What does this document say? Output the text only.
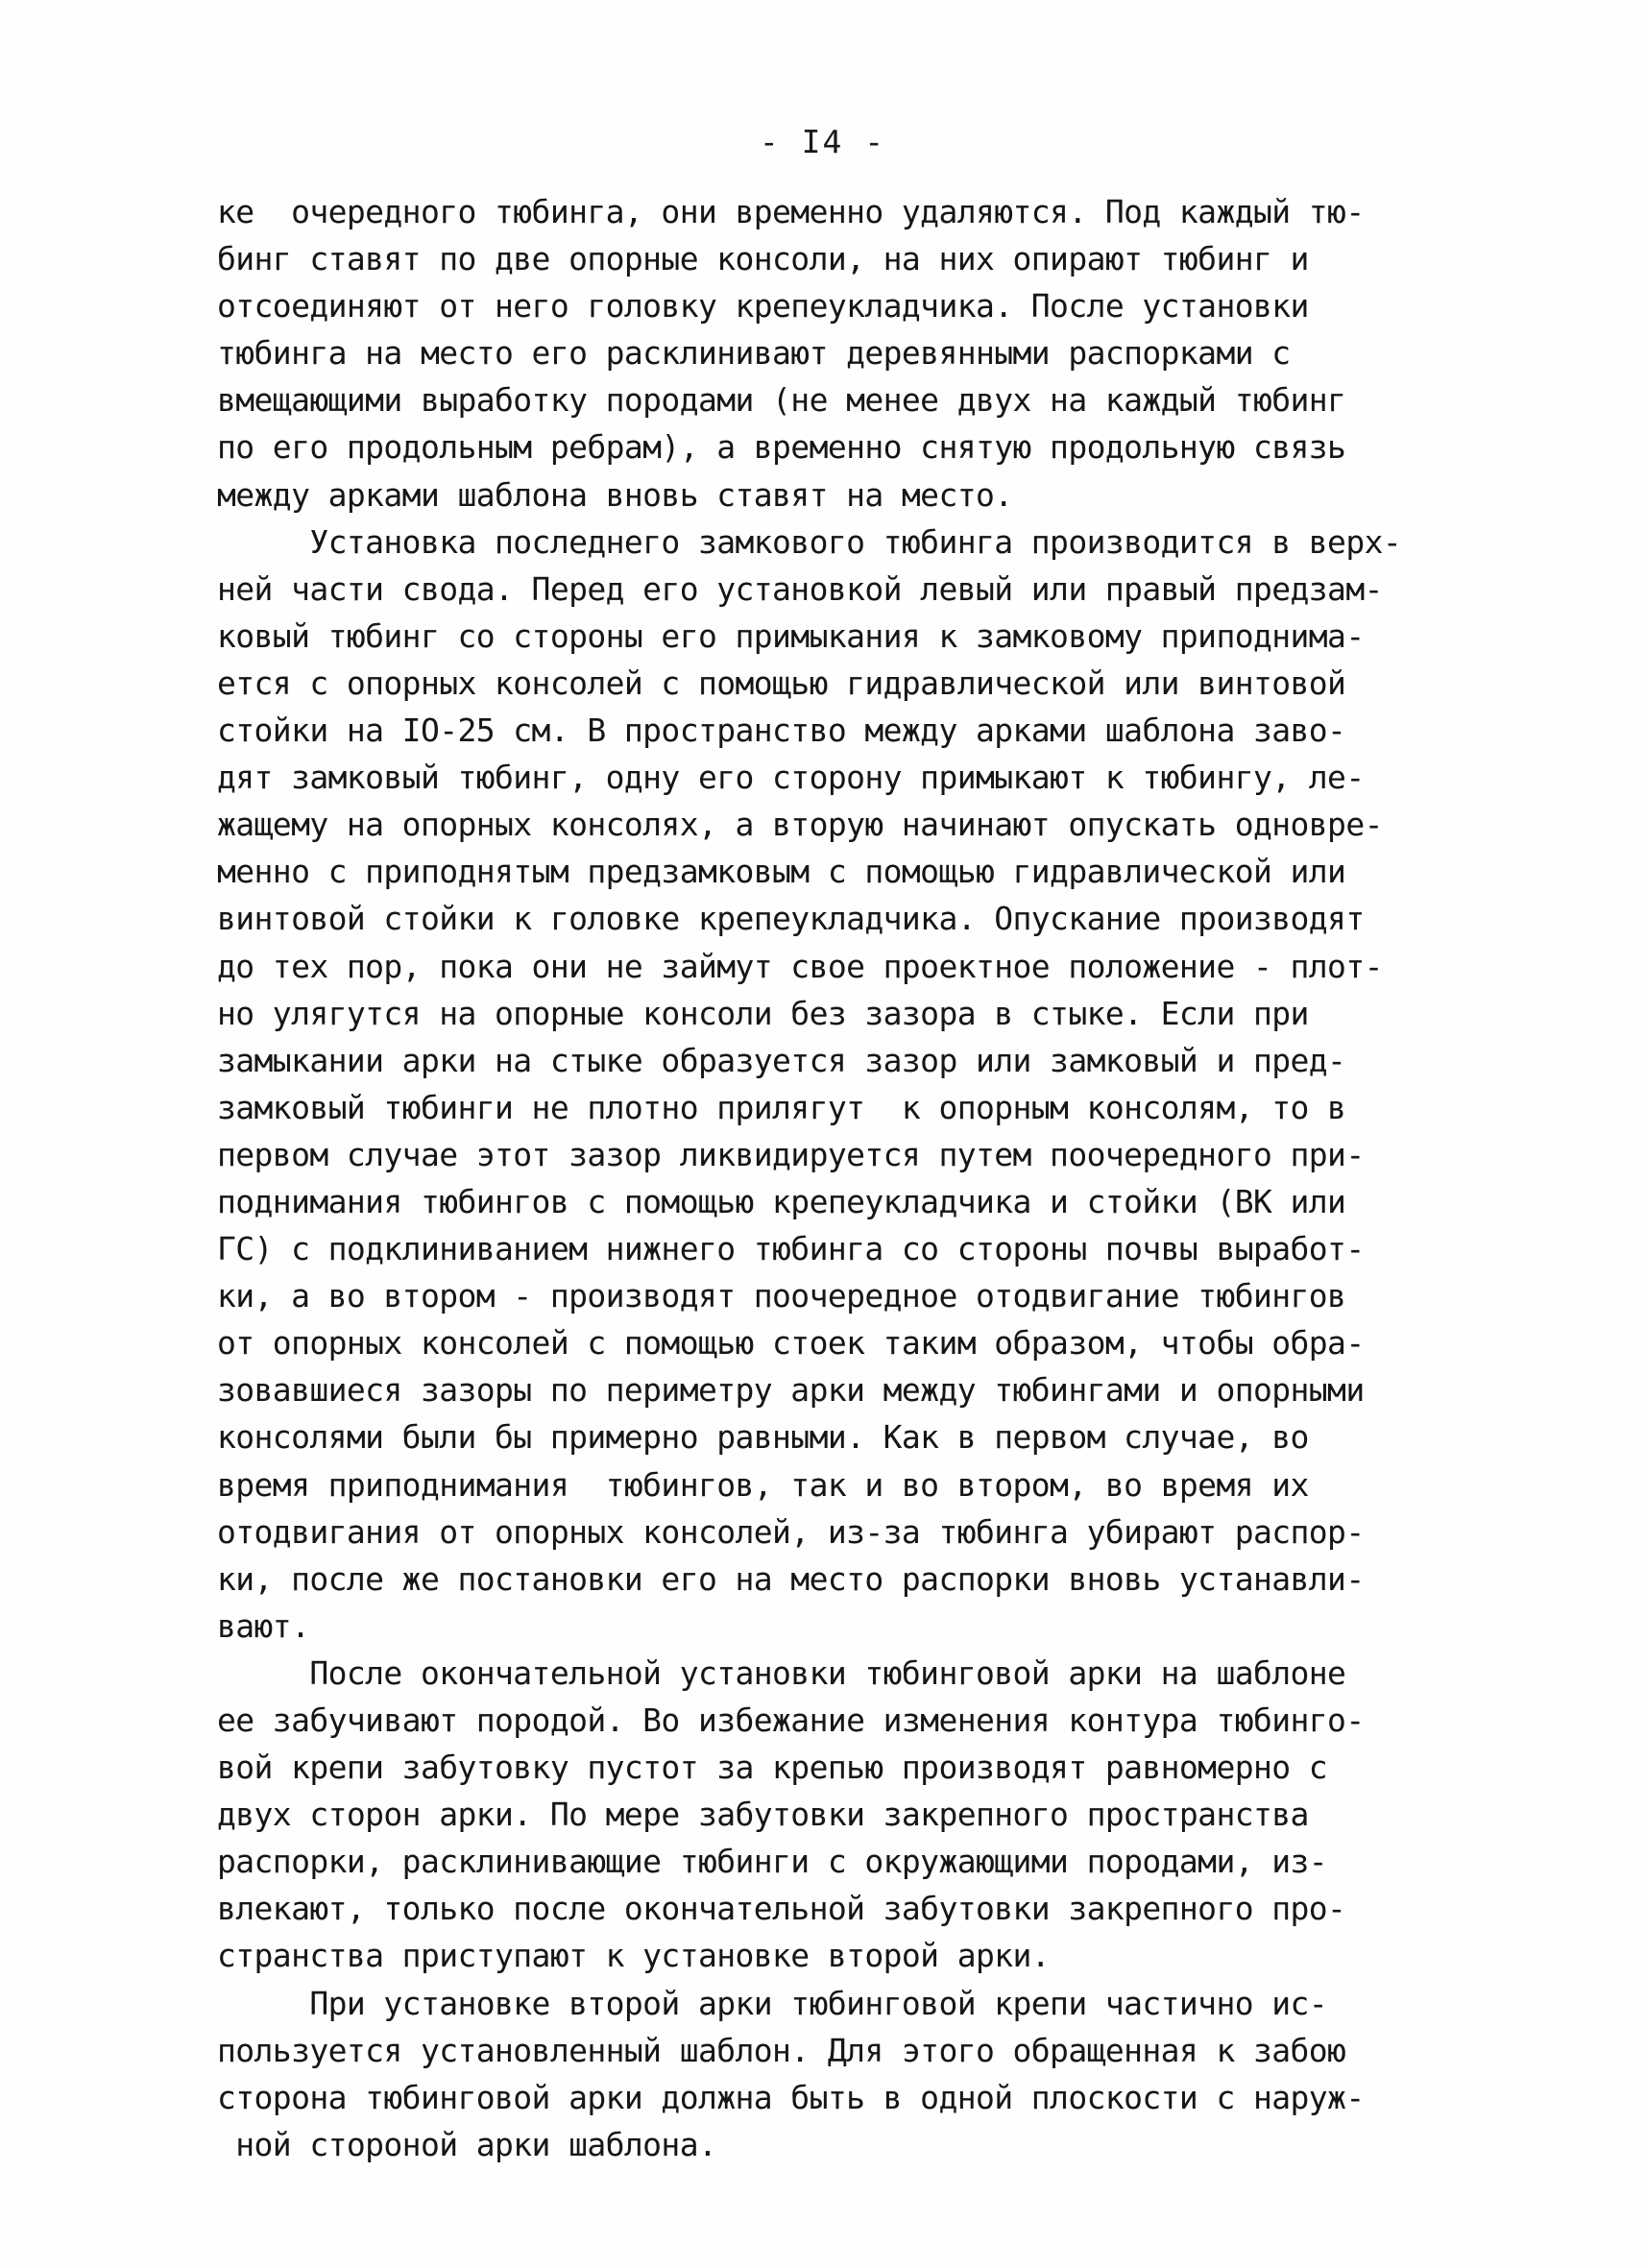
- I4 -
ке  очередного тюбинга, они временно удаляются. Под каждый тю-
бинг ставят по две опорные консоли, на них опирают тюбинг и
отсоединяют от него головку крепеукладчика. После установки
тюбинга на место его расклинивают деревянными распорками с
вмещающими выработку породами (не менее двух на каждый тюбинг
по его продольным ребрам), а временно снятую продольную связь
между арками шаблона вновь ставят на место.
Установка последнего замкового тюбинга производится в верх-
ней части свода. Перед его установкой левый или правый предзам-
ковый тюбинг со стороны его примыкания к замковому приподнима-
ется с опорных консолей с помощью гидравлической или винтовой
стойки на IO-25 см. В пространство между арками шаблона заво-
дят замковый тюбинг, одну его сторону примыкают к тюбингу, ле-
жащему на опорных консолях, а вторую начинают опускать одновре-
менно с приподнятым предзамковым с помощью гидравлической или
винтовой стойки к головке крепеукладчика. Опускание производят
до тех пор, пока они не займут свое проектное положение - плот-
но улягутся на опорные консоли без зазора в стыке. Если при
замыкании арки на стыке образуется зазор или замковый и пред-
замковый тюбинги не плотно прилягут  к опорным консолям, то в
первом случае этот зазор ликвидируется путем поочередного при-
поднимания тюбингов с помощью крепеукладчика и стойки (ВК или
ГС) с подклиниванием нижнего тюбинга со стороны почвы выработ-
ки, а во втором - производят поочередное отодвигание тюбингов
от опорных консолей с помощью стоек таким образом, чтобы обра-
зовавшиеся зазоры по периметру арки между тюбингами и опорными
консолями были бы примерно равными. Как в первом случае, во
время приподнимания  тюбингов, так и во втором, во время их
отодвигания от опорных консолей, из-за тюбинга убирают распор-
ки, после же постановки его на место распорки вновь устанавли-
вают.
После окончательной установки тюбинговой арки на шаблоне
ее забучивают породой. Во избежание изменения контура тюбинго-
вой крепи забутовку пустот за крепью производят равномерно с
двух сторон арки. По мере забутовки закрепного пространства
распорки, расклинивающие тюбинги с окружающими породами, из-
влекают, только после окончательной забутовки закрепного про-
странства приступают к установке второй арки.
При установке второй арки тюбинговой крепи частично ис-
пользуется установленный шаблон. Для этого обращенная к забою
сторона тюбинговой арки должна быть в одной плоскости с наруж-
ной стороной арки шаблона.
